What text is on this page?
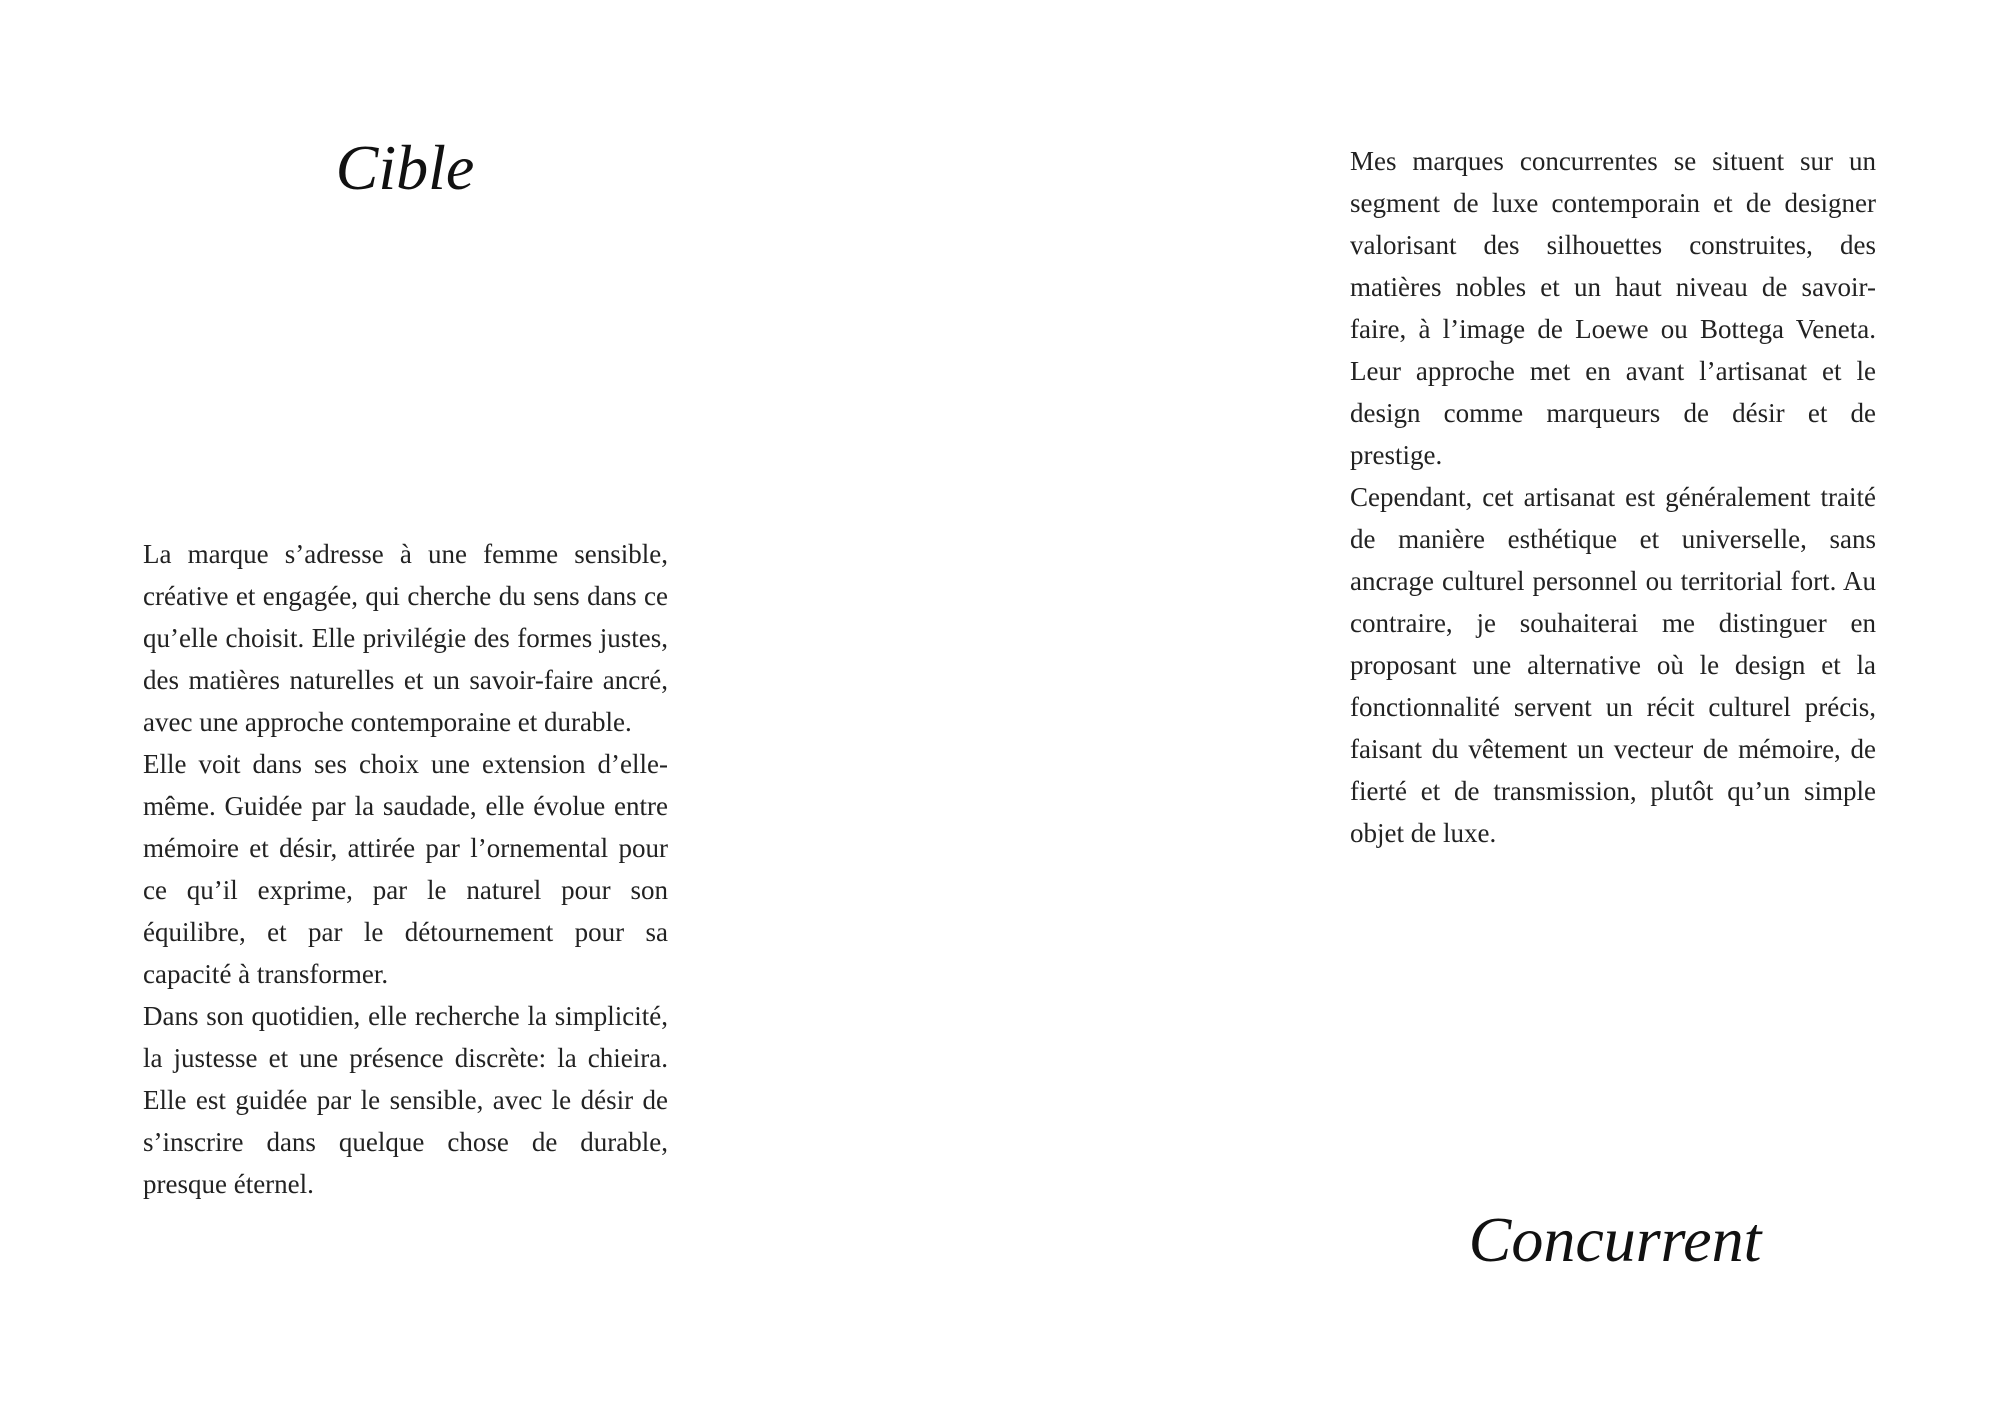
Cible

La marque s’adresse à une femme sensible, créative et engagée, qui cherche du sens dans ce qu’elle choisit. Elle privilégie des formes justes, des matières naturelles et un savoir-faire ancré, avec une approche contemporaine et durable.

Elle voit dans ses choix une extension d’elle-même. Guidée par la saudade, elle évolue entre mémoire et désir, attirée par l’ornemental pour ce qu’il exprime, par le naturel pour son équilibre, et par le détournement pour sa capacité à transformer.

Dans son quotidien, elle recherche la simplicité, la justesse et une présence discrète: la chieira. Elle est guidée par le sensible, avec le désir de s’inscrire dans quelque chose de durable, presque éternel.

Mes marques concurrentes se situent sur un segment de luxe contemporain et de designer valorisant des silhouettes construites, des matières nobles et un haut niveau de savoir-faire, à l’image de Loewe ou Bottega Veneta. Leur approche met en avant l’artisanat et le design comme marqueurs de désir et de prestige.

Cependant, cet artisanat est généralement traité de manière esthétique et universelle, sans ancrage culturel personnel ou territorial fort. Au contraire, je souhaiterai me distinguer en proposant une alternative où le design et la fonctionnalité servent un récit culturel précis, faisant du vêtement un vecteur de mémoire, de fierté et de transmission, plutôt qu’un simple objet de luxe.

Concurrent
